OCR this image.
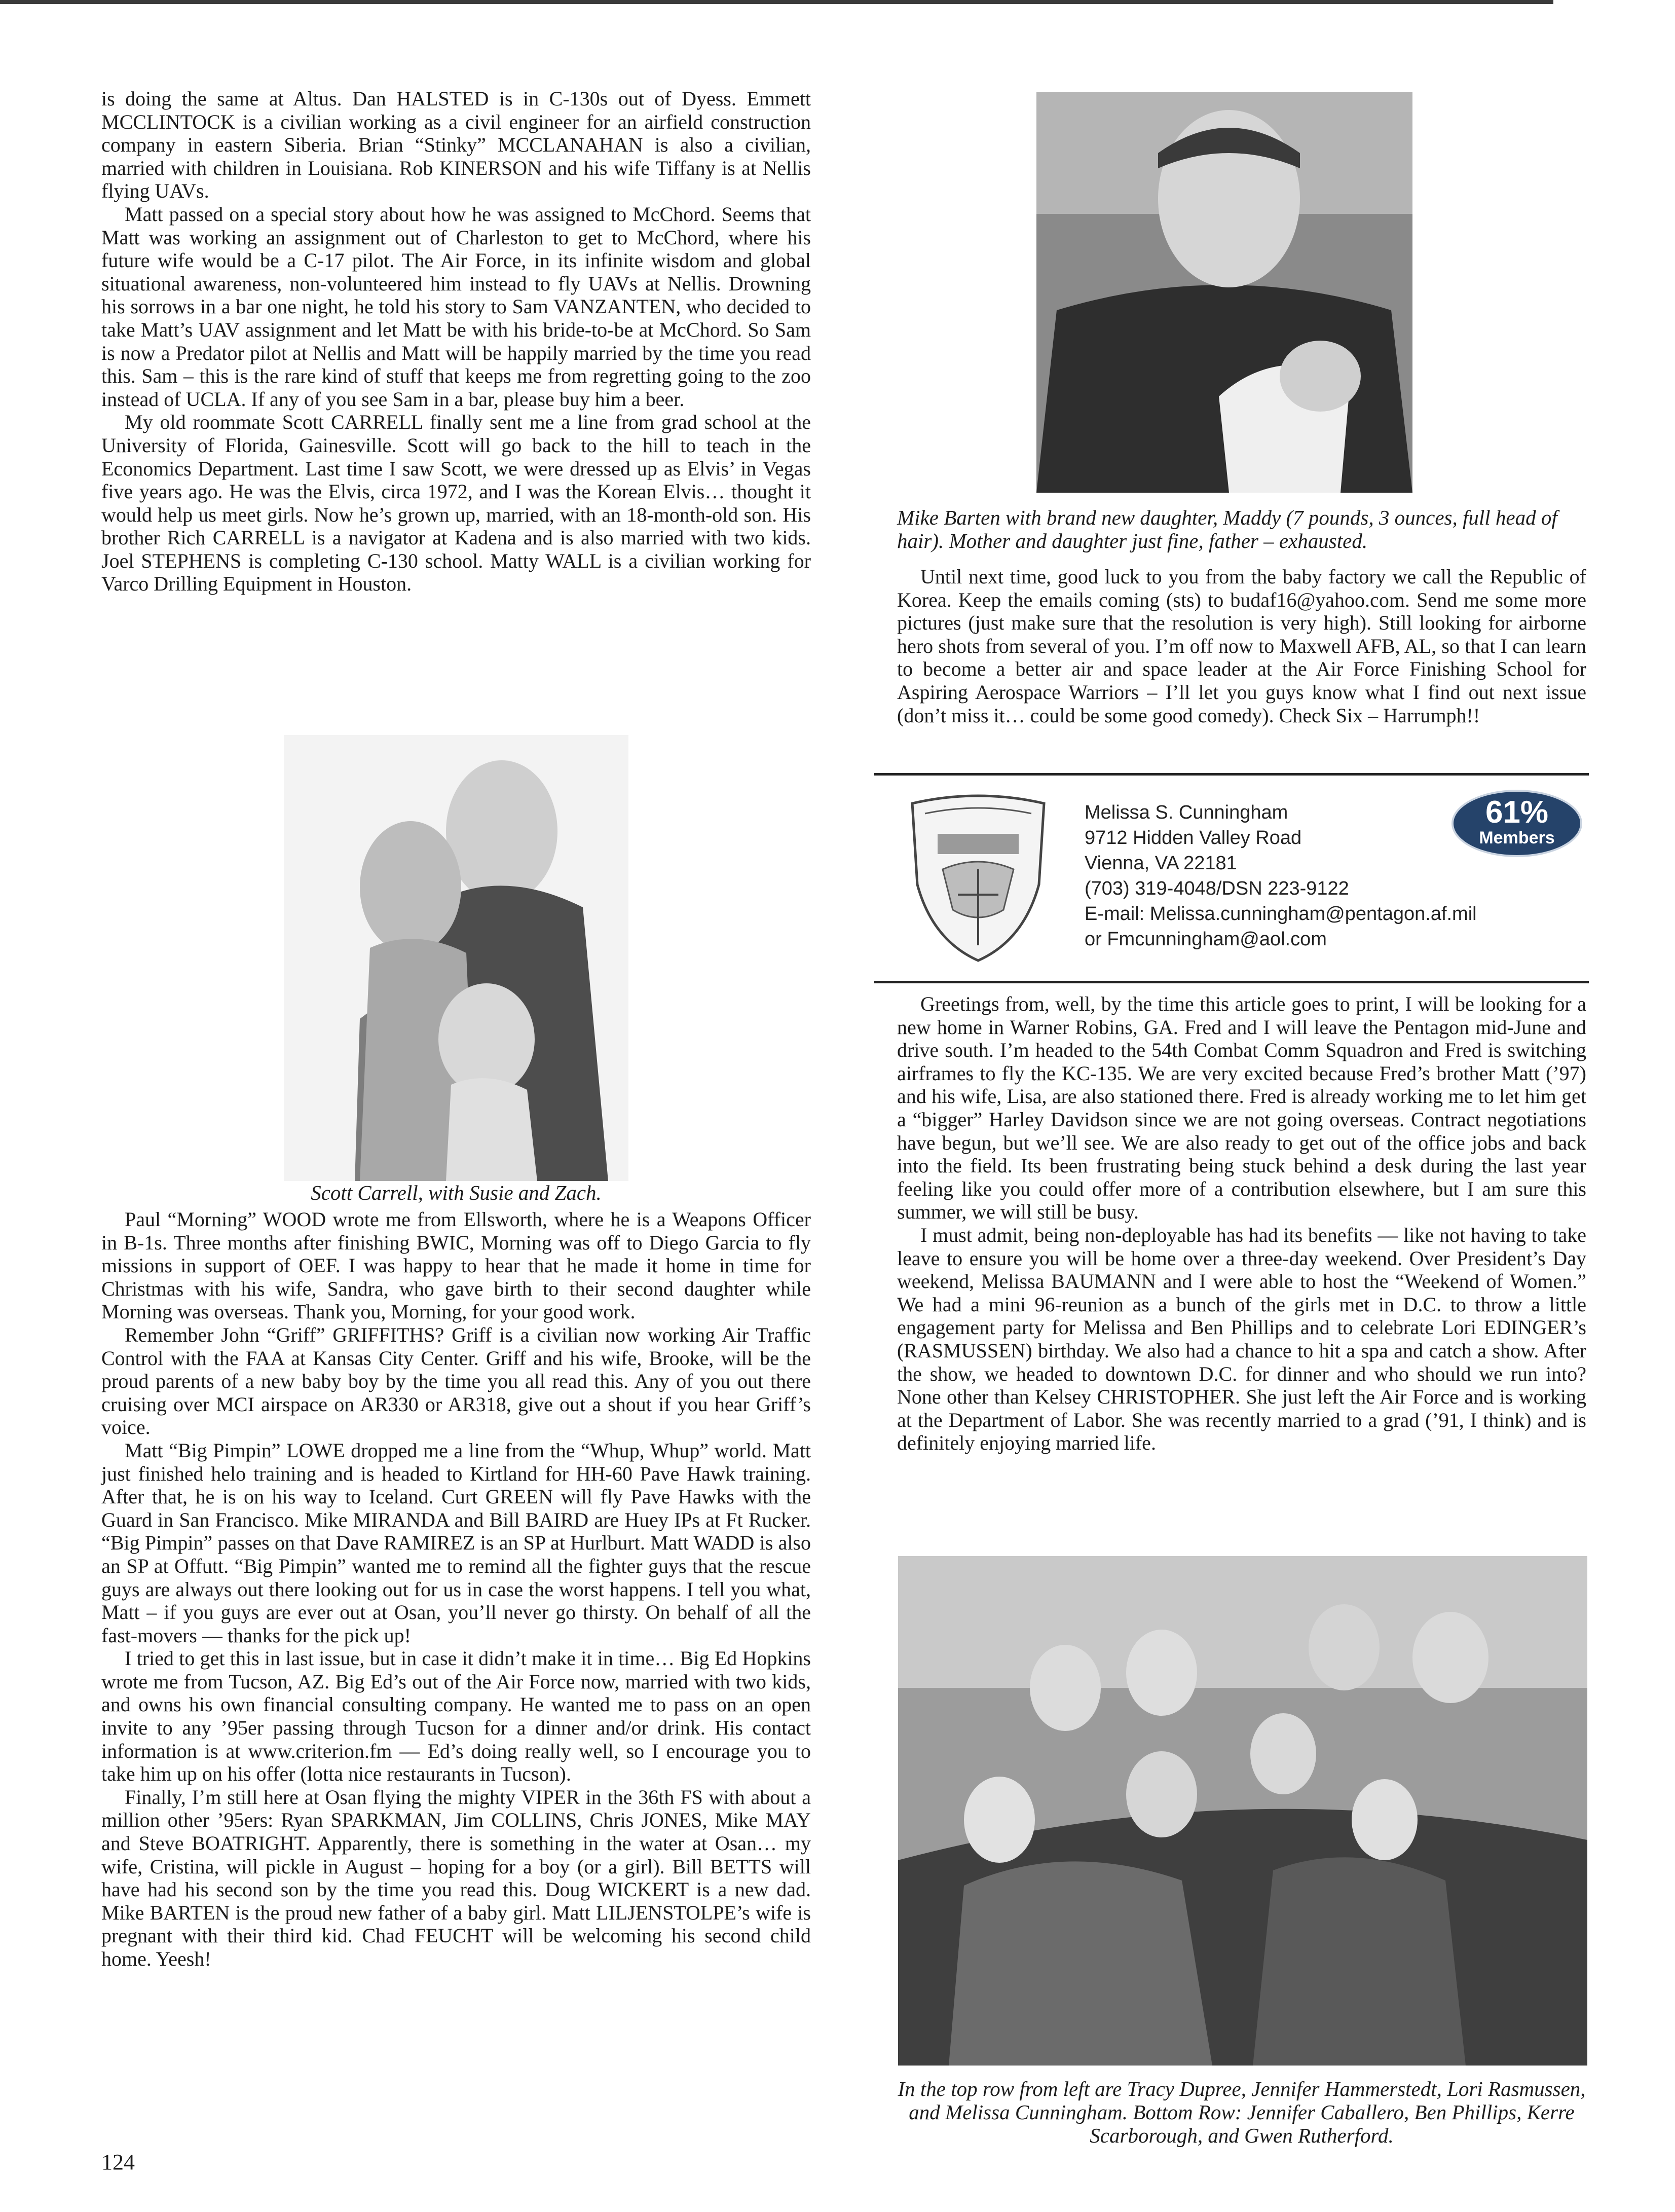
is doing the same at Altus. Dan HALSTED is in C-130s out of Dyess. Emmett MCCLINTOCK is a civilian working as a civil engineer for an airfield construction company in eastern Siberia. Brian “Stinky” MCCLANAHAN is also a civilian, married with children in Louisiana. Rob KINERSON and his wife Tiffany is at Nellis flying UAVs.

Matt passed on a special story about how he was assigned to McChord. Seems that Matt was working an assignment out of Charleston to get to McChord, where his future wife would be a C-17 pilot. The Air Force, in its infinite wisdom and global situational awareness, non-volunteered him instead to fly UAVs at Nellis. Drowning his sorrows in a bar one night, he told his story to Sam VANZANTEN, who decided to take Matt’s UAV assignment and let Matt be with his bride-to-be at McChord. So Sam is now a Predator pilot at Nellis and Matt will be happily married by the time you read this. Sam – this is the rare kind of stuff that keeps me from regretting going to the zoo instead of UCLA. If any of you see Sam in a bar, please buy him a beer.

My old roommate Scott CARRELL finally sent me a line from grad school at the University of Florida, Gainesville. Scott will go back to the hill to teach in the Economics Department. Last time I saw Scott, we were dressed up as Elvis’ in Vegas five years ago. He was the Elvis, circa 1972, and I was the Korean Elvis… thought it would help us meet girls. Now he’s grown up, married, with an 18-month-old son. His brother Rich CARRELL is a navigator at Kadena and is also married with two kids. Joel STEPHENS is completing C-130 school. Matty WALL is a civilian working for Varco Drilling Equipment in Houston.

Scott Carrell, with Susie and Zach.

Paul “Morning” WOOD wrote me from Ellsworth, where he is a Weapons Officer in B-1s. Three months after finishing BWIC, Morning was off to Diego Garcia to fly missions in support of OEF. I was happy to hear that he made it home in time for Christmas with his wife, Sandra, who gave birth to their second daughter while Morning was overseas. Thank you, Morning, for your good work.

Remember John “Griff” GRIFFITHS? Griff is a civilian now working Air Traffic Control with the FAA at Kansas City Center. Griff and his wife, Brooke, will be the proud parents of a new baby boy by the time you all read this. Any of you out there cruising over MCI airspace on AR330 or AR318, give out a shout if you hear Griff’s voice.

Matt “Big Pimpin” LOWE dropped me a line from the “Whup, Whup” world. Matt just finished helo training and is headed to Kirtland for HH-60 Pave Hawk training. After that, he is on his way to Iceland. Curt GREEN will fly Pave Hawks with the Guard in San Francisco. Mike MIRANDA and Bill BAIRD are Huey IPs at Ft Rucker. “Big Pimpin” passes on that Dave RAMIREZ is an SP at Hurlburt. Matt WADD is also an SP at Offutt. “Big Pimpin” wanted me to remind all the fighter guys that the rescue guys are always out there looking out for us in case the worst happens. I tell you what, Matt – if you guys are ever out at Osan, you’ll never go thirsty. On behalf of all the fast-movers — thanks for the pick up!

I tried to get this in last issue, but in case it didn’t make it in time… Big Ed Hopkins wrote me from Tucson, AZ. Big Ed’s out of the Air Force now, married with two kids, and owns his own financial consulting company. He wanted me to pass on an open invite to any ’95er passing through Tucson for a dinner and/or drink. His contact information is at www.criterion.fm — Ed’s doing really well, so I encourage you to take him up on his offer (lotta nice restaurants in Tucson).

Finally, I’m still here at Osan flying the mighty VIPER in the 36th FS with about a million other ’95ers: Ryan SPARKMAN, Jim COLLINS, Chris JONES, Mike MAY and Steve BOATRIGHT. Apparently, there is something in the water at Osan… my wife, Cristina, will pickle in August – hoping for a boy (or a girl). Bill BETTS will have had his second son by the time you read this. Doug WICKERT is a new dad. Mike BARTEN is the proud new father of a baby girl. Matt LILJENSTOLPE’s wife is pregnant with their third kid. Chad FEUCHT will be welcoming his second child home. Yeesh!

Mike Barten with brand new daughter, Maddy (7 pounds, 3 ounces, full head of hair). Mother and daughter just fine, father – exhausted.

Until next time, good luck to you from the baby factory we call the Republic of Korea. Keep the emails coming (sts) to budaf16@yahoo.com. Send me some more pictures (just make sure that the resolution is very high). Still looking for airborne hero shots from several of you. I’m off now to Maxwell AFB, AL, so that I can learn to become a better air and space leader at the Air Force Finishing School for Aspiring Aerospace Warriors – I’ll let you guys know what I find out next issue (don’t miss it… could be some good comedy). Check Six – Harrumph!!

Melissa S. Cunningham
9712 Hidden Valley Road
Vienna, VA 22181
(703) 319-4048/DSN 223-9122
E-mail: Melissa.cunningham@pentagon.af.mil
or Fmcunningham@aol.com
61%
Members

Greetings from, well, by the time this article goes to print, I will be looking for a new home in Warner Robins, GA. Fred and I will leave the Pentagon mid-June and drive south. I’m headed to the 54th Combat Comm Squadron and Fred is switching airframes to fly the KC-135. We are very excited because Fred’s brother Matt (’97) and his wife, Lisa, are also stationed there. Fred is already working me to let him get a “bigger” Harley Davidson since we are not going overseas. Contract negotiations have begun, but we’ll see. We are also ready to get out of the office jobs and back into the field. Its been frustrating being stuck behind a desk during the last year feeling like you could offer more of a contribution elsewhere, but I am sure this summer, we will still be busy.

I must admit, being non-deployable has had its benefits — like not having to take leave to ensure you will be home over a three-day weekend. Over President’s Day weekend, Melissa BAUMANN and I were able to host the “Weekend of Women.” We had a mini 96-reunion as a bunch of the girls met in D.C. to throw a little engagement party for Melissa and Ben Phillips and to celebrate Lori EDINGER’s (RASMUSSEN) birthday. We also had a chance to hit a spa and catch a show. After the show, we headed to downtown D.C. for dinner and who should we run into? None other than Kelsey CHRISTOPHER. She just left the Air Force and is working at the Department of Labor. She was recently married to a grad (’91, I think) and is definitely enjoying married life.

In the top row from left are Tracy Dupree, Jennifer Hammerstedt, Lori Rasmussen, and Melissa Cunningham. Bottom Row: Jennifer Caballero, Ben Phillips, Kerre Scarborough, and Gwen Rutherford.
124
